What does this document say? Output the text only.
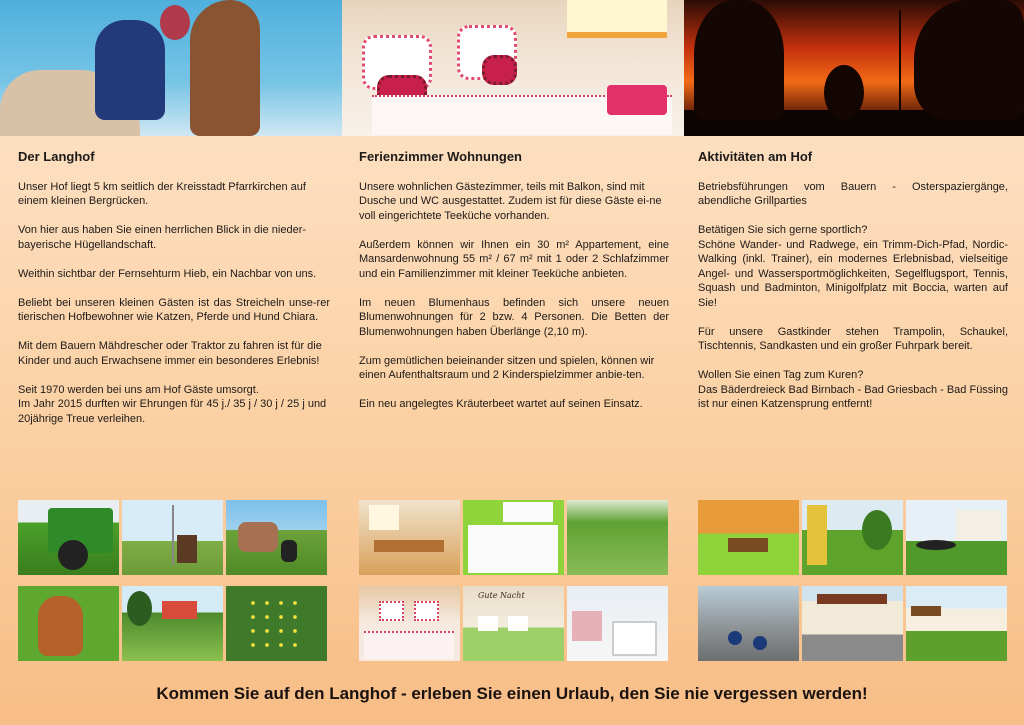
Der Langhof

Unser Hof liegt 5 km seitlich der Kreisstadt Pfarrkirchen auf einem kleinen Bergrücken.

Von hier aus haben Sie einen herrlichen Blick in die nieder-bayerische Hügellandschaft.

Weithin sichtbar der Fernsehturm Hieb, ein Nachbar von uns.

Beliebt bei unseren kleinen Gästen ist das Streicheln unse-rer tierischen Hofbewohner wie Katzen, Pferde und Hund Chiara.

Mit dem Bauern Mähdrescher oder Traktor zu fahren ist für die Kinder und auch Erwachsene immer ein besonderes Erlebnis!

Seit 1970 werden bei uns am Hof Gäste umsorgt.
Im Jahr 2015 durften wir Ehrungen für 45 j./ 35 j / 30 j / 25 j und 20jährige Treue verleihen.

Ferienzimmer Wohnungen

Unsere wohnlichen Gästezimmer, teils mit Balkon, sind mit Dusche und WC ausgestattet. Zudem ist für diese Gäste ei-ne voll eingerichtete Teeküche vorhanden.

Außerdem können wir Ihnen ein 30 m² Appartement, eine Mansardenwohnung 55 m² / 67 m² mit 1 oder 2 Schlafzimmer und ein Familienzimmer mit kleiner Teeküche anbieten.

Im neuen Blumenhaus befinden sich unsere neuen Blumenwohnungen für 2 bzw. 4 Personen. Die Betten der Blumenwohnungen haben Überlänge (2,10 m).

Zum gemütlichen beieinander sitzen und spielen, können wir einen Aufenthaltsraum und 2 Kinderspielzimmer anbie-ten.

Ein neu angelegtes Kräuterbeet wartet auf seinen Einsatz.

Aktivitäten am Hof

Betriebsführungen vom Bauern - Osterspaziergänge, abendliche Grillparties

Betätigen Sie sich gerne sportlich?
Schöne Wander- und Radwege, ein Trimm-Dich-Pfad, Nordic-Walking (inkl. Trainer), ein modernes Erlebnisbad, vielseitige Angel- und Wassersportmöglichkeiten, Segelflugsport, Tennis, Squash und Badminton, Minigolfplatz mit Boccia, warten auf Sie!

Für unsere Gastkinder stehen Trampolin, Schaukel, Tischtennis, Sandkasten und ein großer Fuhrpark bereit.

Wollen Sie einen Tag zum Kuren?
Das Bäderdreieck Bad Birnbach - Bad Griesbach - Bad Füssing ist nur einen Katzensprung entfernt!

Gute Nacht
Kommen Sie auf den Langhof - erleben Sie einen Urlaub, den Sie nie vergessen werden!
